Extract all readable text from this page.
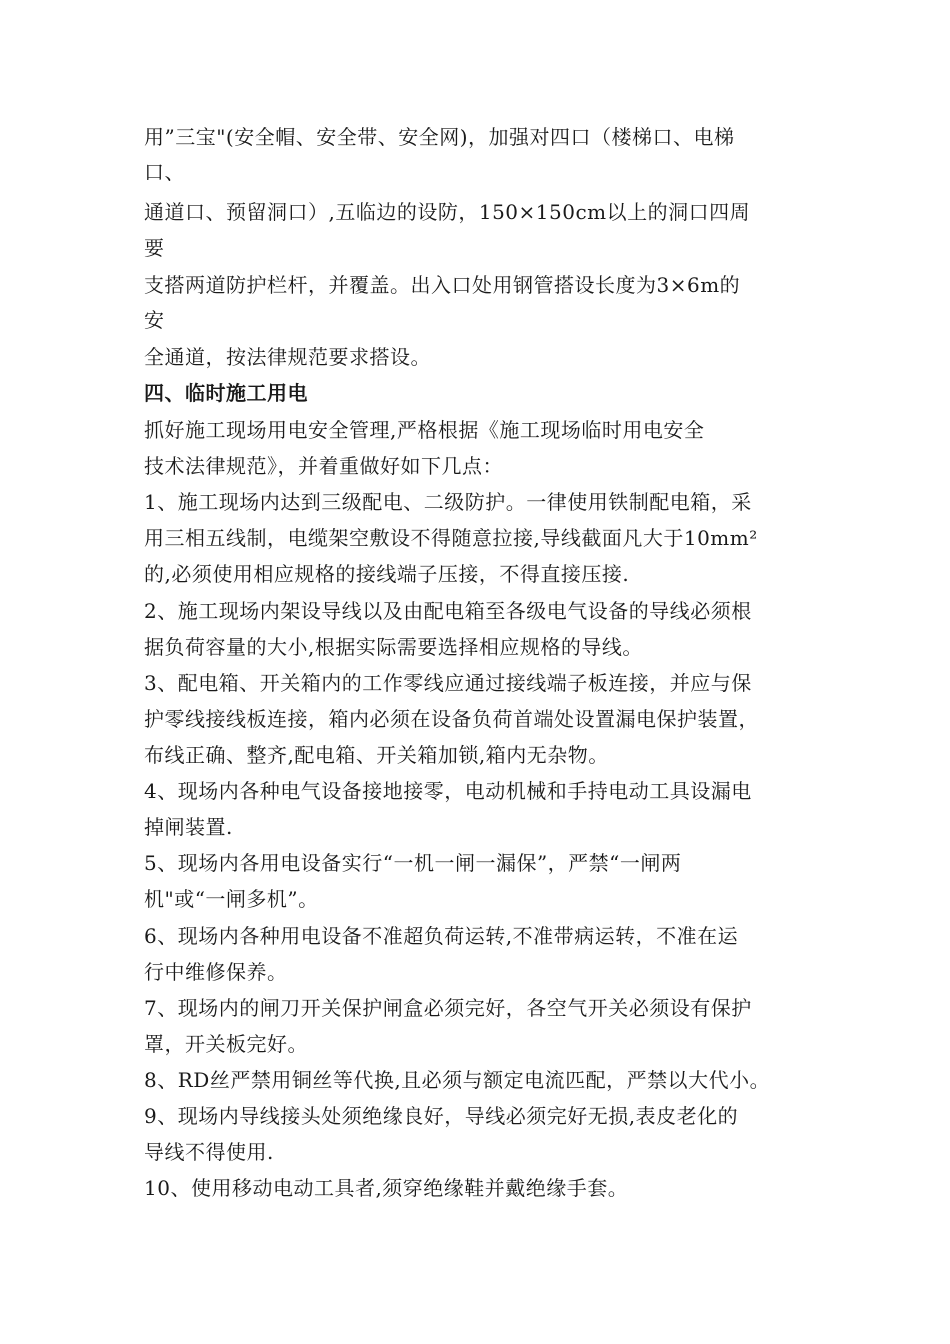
用”三宝"(安全帽、安全带、安全网)，加强对四口（楼梯口、电梯
口、
通道口、预留洞口）,五临边的设防，150×150cm以上的洞口四周
要
支搭两道防护栏杆，并覆盖。出入口处用钢管搭设长度为3×6m的
安
全通道，按法律规范要求搭设。
四、临时施工用电
抓好施工现场用电安全管理,严格根据《施工现场临时用电安全
技术法律规范》，并着重做好如下几点：
1、施工现场内达到三级配电、二级防护。一律使用铁制配电箱，采
用三相五线制，电缆架空敷设不得随意拉接,导线截面凡大于10mm²
的,必须使用相应规格的接线端子压接，不得直接压接.
2、施工现场内架设导线以及由配电箱至各级电气设备的导线必须根
据负荷容量的大小,根据实际需要选择相应规格的导线。
3、配电箱、开关箱内的工作零线应通过接线端子板连接，并应与保
护零线接线板连接，箱内必须在设备负荷首端处设置漏电保护装置，
布线正确、整齐,配电箱、开关箱加锁,箱内无杂物。
4、现场内各种电气设备接地接零，电动机械和手持电动工具设漏电
掉闸装置.
5、现场内各用电设备实行“一机一闸一漏保”，严禁“一闸两
机"或“一闸多机”。
6、现场内各种用电设备不准超负荷运转,不准带病运转，不准在运
行中维修保养。
7、现场内的闸刀开关保护闸盒必须完好，各空气开关必须设有保护
罩，开关板完好。
8、RD丝严禁用铜丝等代换,且必须与额定电流匹配，严禁以大代小。
9、现场内导线接头处须绝缘良好，导线必须完好无损,表皮老化的
导线不得使用.
10、使用移动电动工具者,须穿绝缘鞋并戴绝缘手套。
